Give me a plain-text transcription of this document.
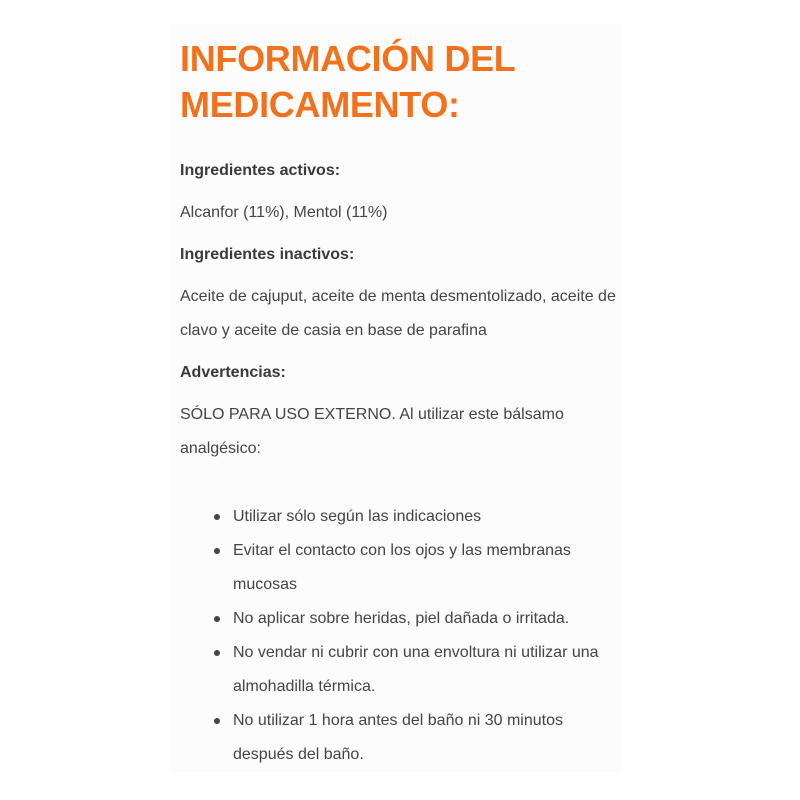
INFORMACIÓN DEL MEDICAMENTO:

Ingredientes activos:

Alcanfor (11%), Mentol (11%)

Ingredientes inactivos:

Aceite de cajuput, aceite de menta desmentolizado, aceite de clavo y aceite de casia en base de parafina

Advertencias:

SÓLO PARA USO EXTERNO. Al utilizar este bálsamo analgésico:

Utilizar sólo según las indicaciones
Evitar el contacto con los ojos y las membranas mucosas
No aplicar sobre heridas, piel dañada o irritada.
No vendar ni cubrir con una envoltura ni utilizar una almohadilla térmica.
No utilizar 1 hora antes del baño ni 30 minutos después del baño.
